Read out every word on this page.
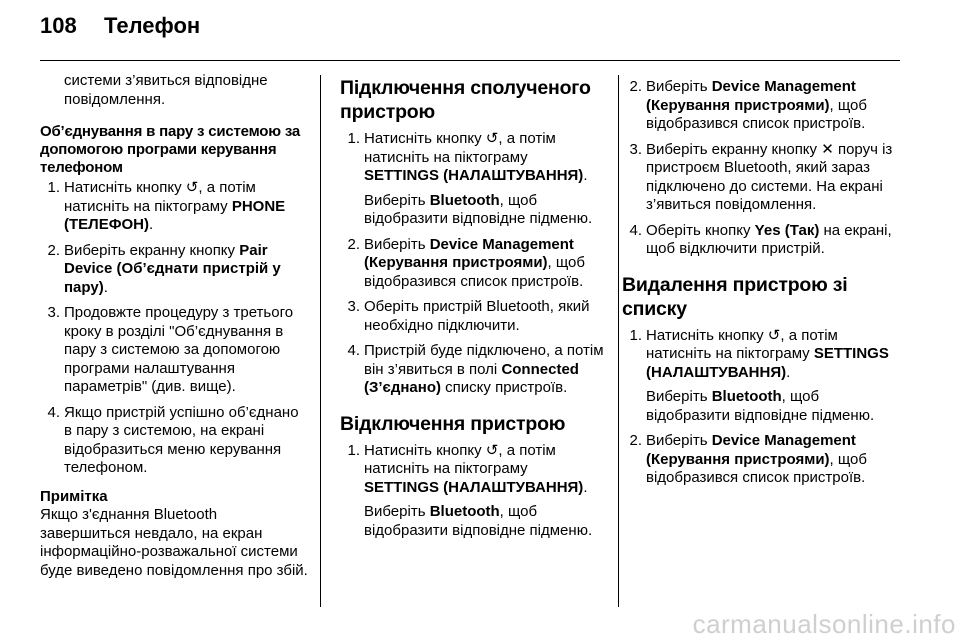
108	Телефон

системи з’явиться відповідне повідомлення.

Об’єднування в пару з системою за допомогою програми керування телефоном

1. Натисніть кнопку ↺, а потім натисніть на піктограму PHONE (ТЕЛЕФОН).
2. Виберіть екранну кнопку Pair Device (Об’єднати пристрій у пару).
3. Продовжте процедуру з третього кроку в розділі "Об’єднування в пару з системою за допомогою програми налаштування параметрів" (див. вище).
4. Якщо пристрій успішно об’єднано в пару з системою, на екрані відобразиться меню керування телефоном.

Примітка

Якщо з'єднання Bluetooth завершиться невдало, на екран інформаційно-розважальної системи буде виведено повідомлення про збій.

Підключення сполученого пристрою

1. Натисніть кнопку ↺, а потім натисніть на піктограму SETTINGS (НАЛАШТУВАННЯ).
Виберіть Bluetooth, щоб відобразити відповідне підменю.
2. Виберіть Device Management (Керування пристроями), щоб відобразився список пристроїв.
3. Оберіть пристрій Bluetooth, який необхідно підключити.
4. Пристрій буде підключено, а потім він з’явиться в полі Connected (З’єднано) списку пристроїв.

Відключення пристрою

1. Натисніть кнопку ↺, а потім натисніть на піктограму SETTINGS (НАЛАШТУВАННЯ).
Виберіть Bluetooth, щоб відобразити відповідне підменю.
2. Виберіть Device Management (Керування пристроями), щоб відобразився список пристроїв.
3. Виберіть екранну кнопку ✕ поруч із пристроєм Bluetooth, який зараз підключено до системи. На екрані з’явиться повідомлення.
4. Оберіть кнопку Yes (Так) на екрані, щоб відключити пристрій.

Видалення пристрою зі списку

1. Натисніть кнопку ↺, а потім натисніть на піктограму SETTINGS (НАЛАШТУВАННЯ).
Виберіть Bluetooth, щоб відобразити відповідне підменю.
2. Виберіть Device Management (Керування пристроями), щоб відобразився список пристроїв.
carmanualsonline.info
